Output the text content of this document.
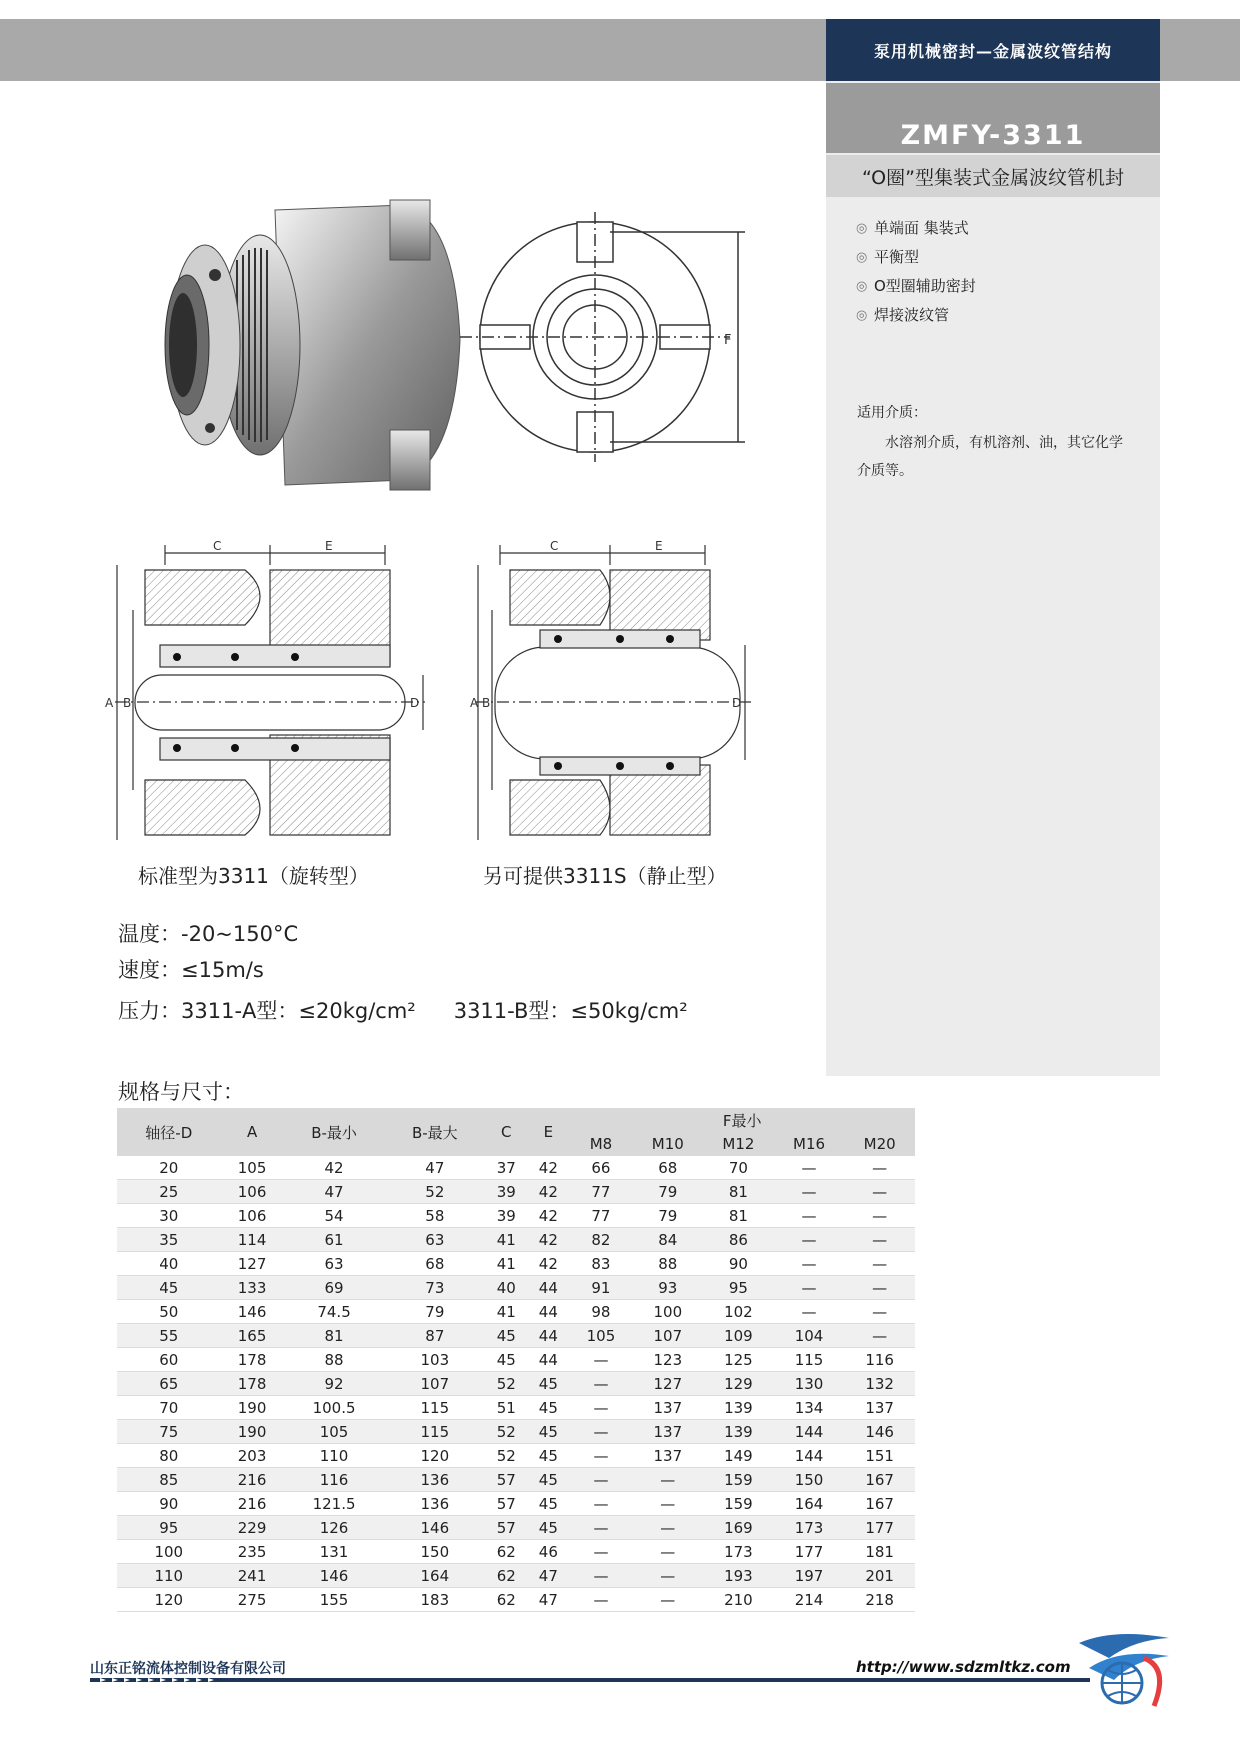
泵用机械密封—金属波纹管结构
ZMFY-3311
“O圈”型集装式金属波纹管机封
◎ 单端面 集装式
◎ 平衡型
◎ O型圈辅助密封
◎ 焊接波纹管
适用介质：
水溶剂介质，有机溶剂、油，其它化学介质等。
F
C	E
A B	D
C	E
A B	D
标准型为3311（旋转型）	另可提供3311S（静止型）
温度：-20~150°C
速度：≤15m/s
压力：3311-A型：≤20kg/cm² 3311-B型：≤50kg/cm²
规格与尺寸：
轴径-D	A	B-最小	B-最大	C	E	F最小				
						M8	M10	M12	M16	M20
20	105	42	47	37	42	66	68	70	—	—
25	106	47	52	39	42	77	79	81	—	—
30	106	54	58	39	42	77	79	81	—	—
35	114	61	63	41	42	82	84	86	—	—
40	127	63	68	41	42	83	88	90	—	—
45	133	69	73	40	44	91	93	95	—	—
50	146	74.5	79	41	44	98	100	102	—	—
55	165	81	87	45	44	105	107	109	104	—
60	178	88	103	45	44	—	123	125	115	116
65	178	92	107	52	45	—	127	129	130	132
70	190	100.5	115	51	45	—	137	139	134	137
75	190	105	115	52	45	—	137	139	144	146
80	203	110	120	52	45	—	137	149	144	151
85	216	116	136	57	45	—	—	159	150	167
90	216	121.5	136	57	45	—	—	159	164	167
95	229	126	146	57	45	—	—	169	173	177
100	235	131	150	62	46	—	—	173	177	181
110	241	146	164	62	47	—	—	193	197	201
120	275	155	183	62	47	—	—	210	214	218
山东正铭流体控制设备有限公司	http://www.sdzmltkz.com
